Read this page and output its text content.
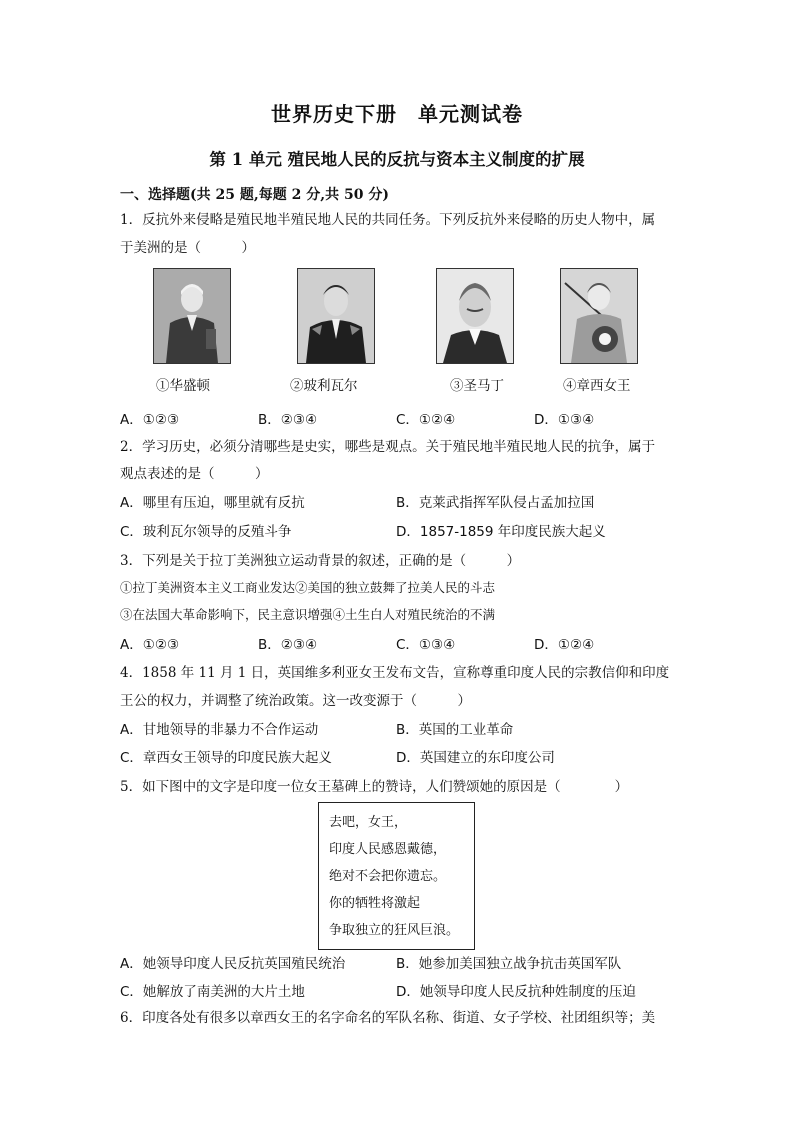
世界历史下册　单元测试卷
第 1 单元 殖民地人民的反抗与资本主义制度的扩展
一、选择题(共 25 题,每题 2 分,共 50 分)
1．反抗外来侵略是殖民地半殖民地人民的共同任务。下列反抗外来侵略的历史人物中，属
于美洲的是（　　　）
①华盛顿	②玻利瓦尔	③圣马丁	④章西女王
A．①②③	B．②③④	C．①②④	D．①③④
2．学习历史，必须分清哪些是史实，哪些是观点。关于殖民地半殖民地人民的抗争，属于
观点表述的是（　　　）
A．哪里有压迫，哪里就有反抗	B．克莱武指挥军队侵占孟加拉国
C．玻利瓦尔领导的反殖斗争	D．1857-1859 年印度民族大起义
3．下列是关于拉丁美洲独立运动背景的叙述，正确的是（　　　）
①拉丁美洲资本主义工商业发达②美国的独立鼓舞了拉美人民的斗志
③在法国大革命影响下，民主意识增强④土生白人对殖民统治的不满
A．①②③	B．②③④	C．①③④	D．①②④
4．1858 年 11 月 1 日，英国维多利亚女王发布文告，宣称尊重印度人民的宗教信仰和印度
王公的权力，并调整了统治政策。这一改变源于（　　　）
A．甘地领导的非暴力不合作运动	B．英国的工业革命
C．章西女王领导的印度民族大起义	D．英国建立的东印度公司
5．如下图中的文字是印度一位女王墓碑上的赞诗，人们赞颂她的原因是（　　　　）
去吧，女王，
印度人民感恩戴德，
绝对不会把你遗忘。
你的牺牲将激起
争取独立的狂风巨浪。
A．她领导印度人民反抗英国殖民统治	B．她参加美国独立战争抗击英国军队
C．她解放了南美洲的大片土地	D．她领导印度人民反抗种姓制度的压迫
6．印度各处有很多以章西女王的名字命名的军队名称、街道、女子学校、社团组织等；美
